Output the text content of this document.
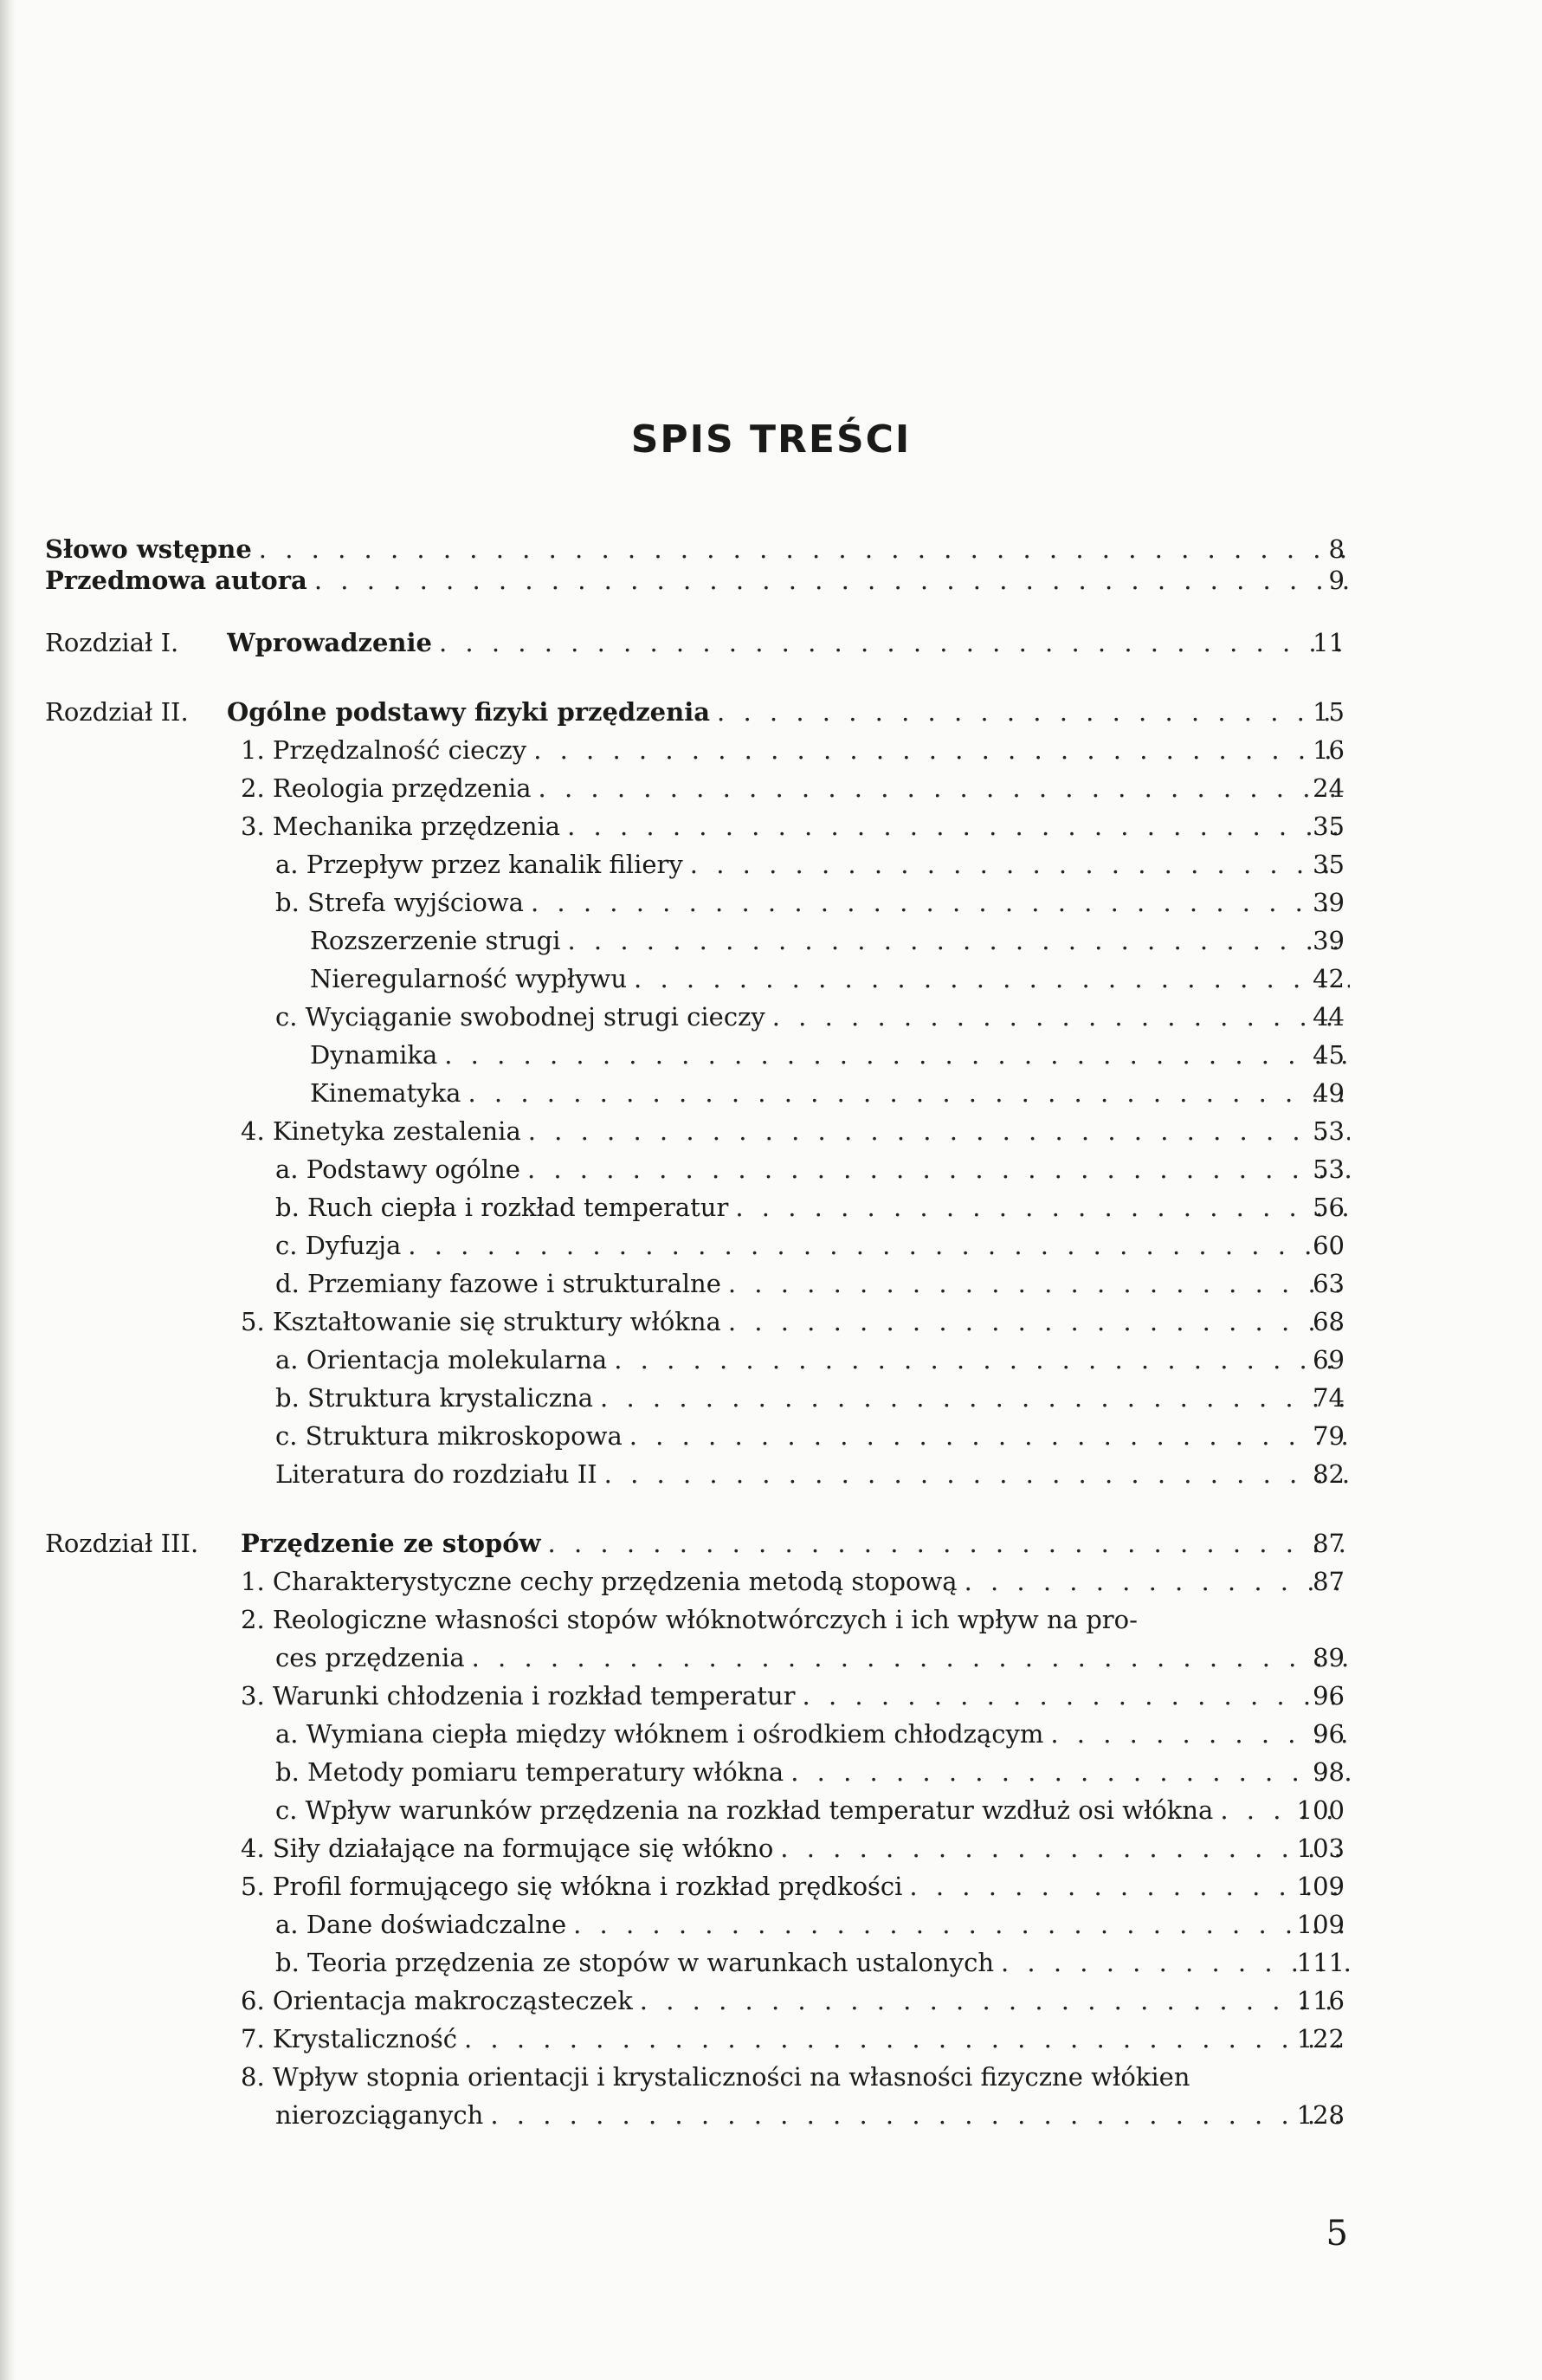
SPIS TREŚCI
Słowo wstępne . . .	8
Przedmowa autora . . .	9
Rozdział I. Wprowadzenie . . .	11
Rozdział II. Ogólne podstawy fizyki przędzenia . . .	15
1. Przędzalność cieczy . . .	16
2. Reologia przędzenia . . .	24
3. Mechanika przędzenia . . .	35
a. Przepływ przez kanalik filiery . . .	35
b. Strefa wyjściowa . . .	39
Rozszerzenie strugi . . .	39
Nieregularność wypływu . . .	42
c. Wyciąganie swobodnej strugi cieczy . . .	44
Dynamika . . .	45
Kinematyka . . .	49
4. Kinetyka zestalenia . . .	53
a. Podstawy ogólne . . .	53
b. Ruch ciepła i rozkład temperatur . . .	56
c. Dyfuzja . . .	60
d. Przemiany fazowe i strukturalne . . .	63
5. Kształtowanie się struktury włókna . . .	68
a. Orientacja molekularna . . .	69
b. Struktura krystaliczna . . .	74
c. Struktura mikroskopowa . . .	79
Literatura do rozdziału II . . .	82
Rozdział III. Przędzenie ze stopów . . .	87
1. Charakterystyczne cechy przędzenia metodą stopową . . .	87
2. Reologiczne własności stopów włóknotwórczych i ich wpływ na pro-
ces przędzenia . . .	89
3. Warunki chłodzenia i rozkład temperatur . . .	96
a. Wymiana ciepła między włóknem i ośrodkiem chłodzącym . . .	96
b. Metody pomiaru temperatury włókna . . .	98
c. Wpływ warunków przędzenia na rozkład temperatur wzdłuż osi włókna . . .	100
4. Siły działające na formujące się włókno . . .	103
5. Profil formującego się włókna i rozkład prędkości . . .	109
a. Dane doświadczalne . . .	109
b. Teoria przędzenia ze stopów w warunkach ustalonych . . .	111
6. Orientacja makrocząsteczek . . .	116
7. Krystaliczność . . .	122
8. Wpływ stopnia orientacji i krystaliczności na własności fizyczne włókien
nierozciąganych . . .	128
5
